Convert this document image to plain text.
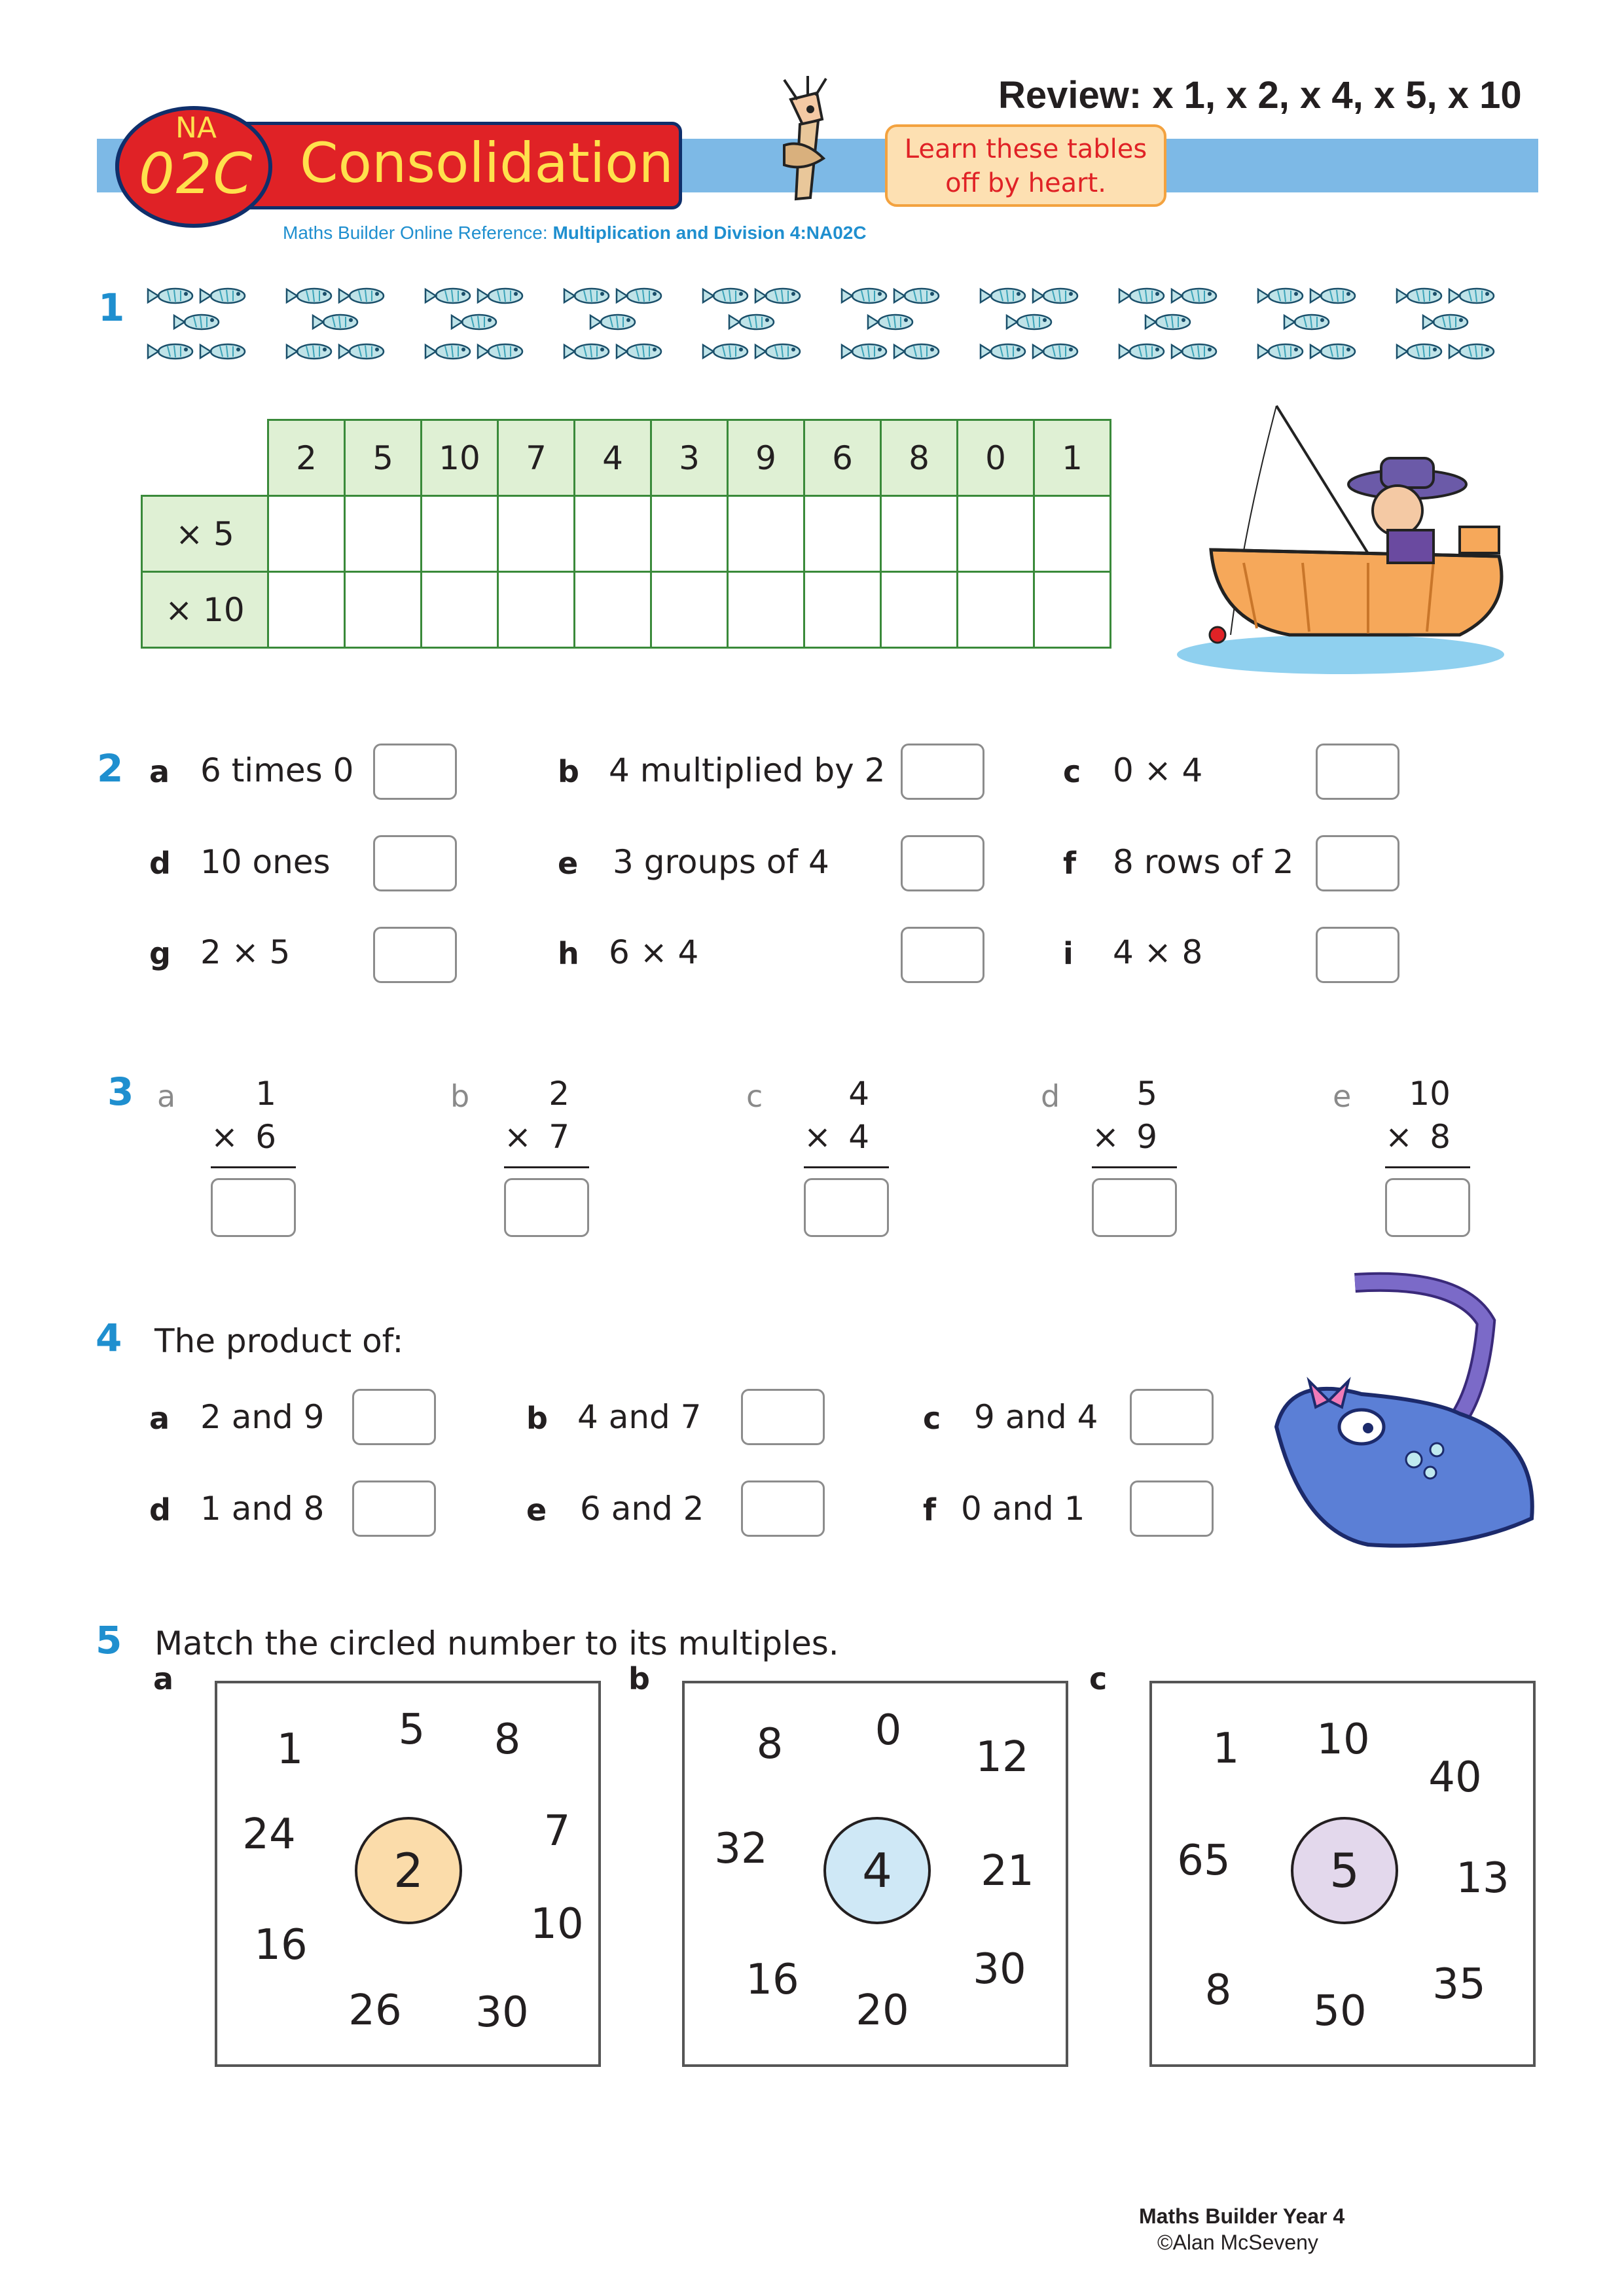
Review: x 1, x 2, x 4, x 5, x 10
NA
02C Consolidation	Learn these tables
off by heart.
Maths Builder Online Reference: Multiplication and Division 4:NA02C
1
	2	5	10	7	4	3	9	6	8	0	1
× 5											
× 10											
2 a 6 times 0	b 4 multiplied by 2	c 0 × 4
d 10 ones	e 3 groups of 4	f 8 rows of 2
g 2 × 5	h 6 × 4	i 4 × 8
3 a 1
× 6
b 2
× 7
c	4
× 4
d 5
× 9
e 10
× 8
4 The product of:
a 2 and 9	b 4 and 7	c 9 and 4
d 1 and 8	e 6 and 2	f 0 and 1
5 Match the circled number to its multiples.
a
1 5 8
24	7
16	10
26 30
2
b
8 0
12
32	21
16	30
20
4
c
1 10
40
65	13
8 50
35
5
Maths Builder Year 4
©Alan McSeveny
